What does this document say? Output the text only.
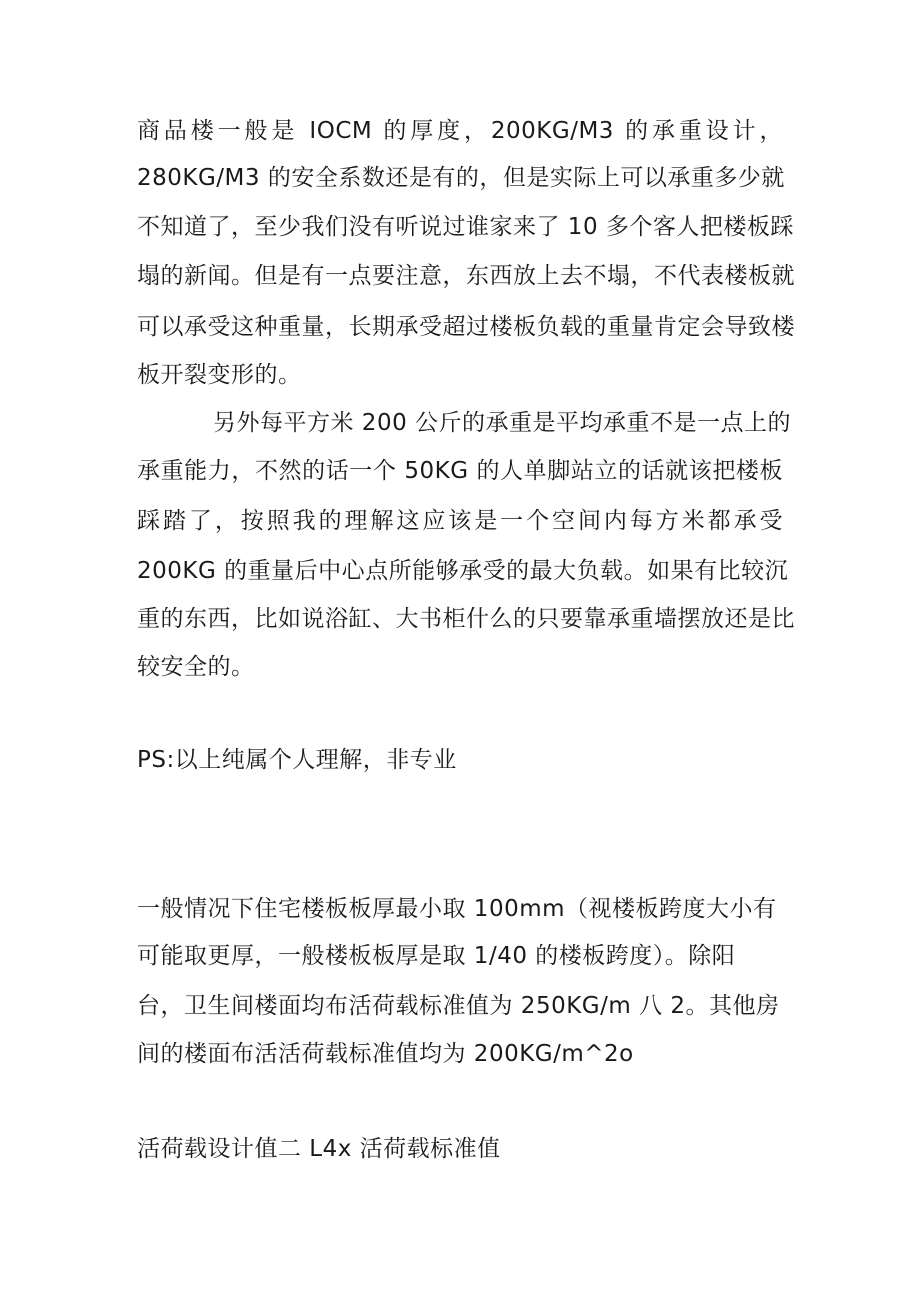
商品楼一般是 IOCM 的厚度，200KG/M3 的承重设计，
280KG/M3 的安全系数还是有的，但是实际上可以承重多少就
不知道了，至少我们没有听说过谁家来了 10 多个客人把楼板踩
塌的新闻。但是有一点要注意，东西放上去不塌，不代表楼板就
可以承受这种重量，长期承受超过楼板负载的重量肯定会导致楼
板开裂变形的。
另外每平方米 200 公斤的承重是平均承重不是一点上的
承重能力，不然的话一个 50KG 的人单脚站立的话就该把楼板
踩踏了，按照我的理解这应该是一个空间内每方米都承受
200KG 的重量后中心点所能够承受的最大负载。如果有比较沉
重的东西，比如说浴缸、大书柜什么的只要靠承重墙摆放还是比
较安全的。
PS:以上纯属个人理解，非专业
一般情况下住宅楼板板厚最小取 100mm（视楼板跨度大小有
可能取更厚，一般楼板板厚是取 1/40 的楼板跨度）。除阳
台，卫生间楼面均布活荷载标准值为 250KG/m 八 2。其他房
间的楼面布活活荷载标准值均为 200KG/m^2o
活荷载设计值二 L4x 活荷载标准值
